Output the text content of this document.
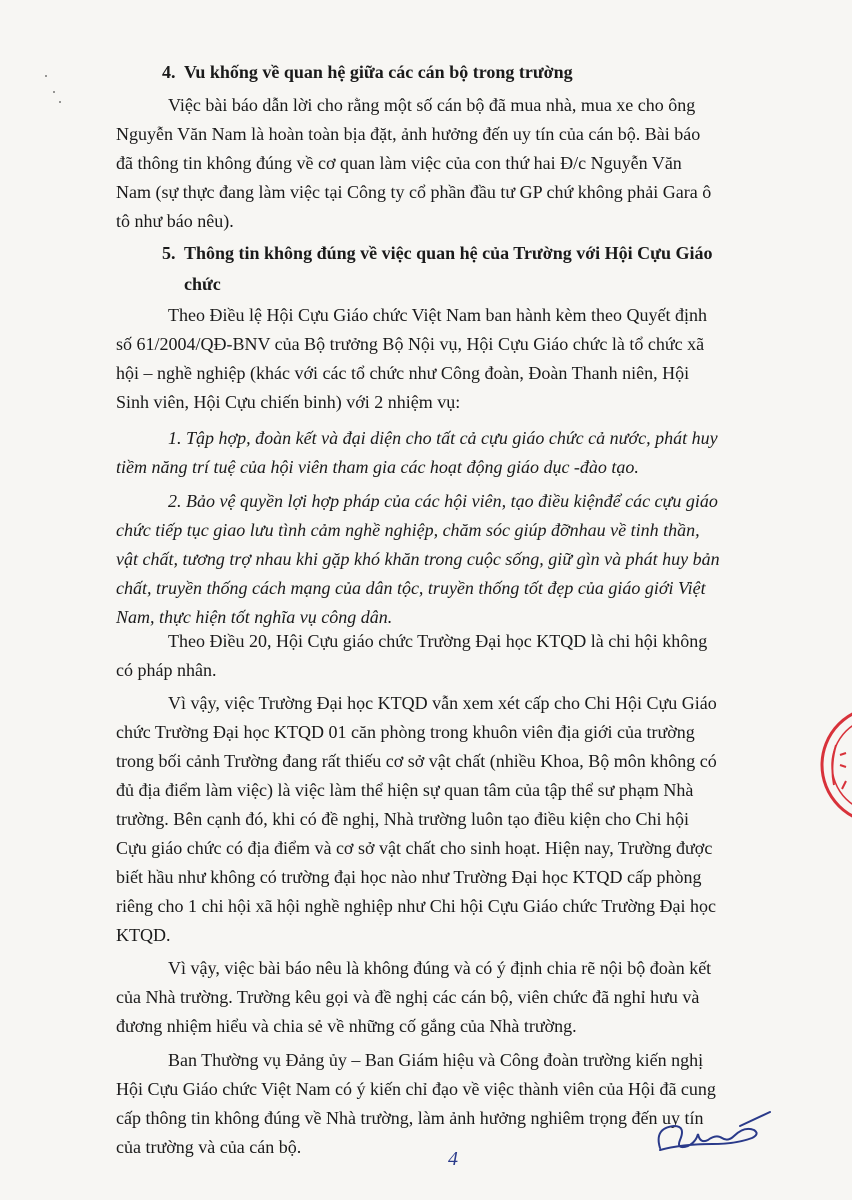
4. Vu khống về quan hệ giữa các cán bộ trong trường

Việc bài báo dẫn lời cho rằng một số cán bộ đã mua nhà, mua xe cho ông
Nguyễn Văn Nam là hoàn toàn bịa đặt, ảnh hưởng đến uy tín của cán bộ. Bài báo
đã thông tin không đúng về cơ quan làm việc của con thứ hai Đ/c Nguyễn Văn
Nam (sự thực đang làm việc tại Công ty cổ phần đầu tư GP chứ không phải Gara ô
tô như báo nêu).

5. Thông tin không đúng về việc quan hệ của Trường với Hội Cựu Giáo
chức

Theo Điều lệ Hội Cựu Giáo chức Việt Nam ban hành kèm theo Quyết định
số 61/2004/QĐ-BNV của Bộ trưởng Bộ Nội vụ, Hội Cựu Giáo chức là tổ chức xã
hội – nghề nghiệp (khác với các tổ chức như Công đoàn, Đoàn Thanh niên, Hội
Sinh viên, Hội Cựu chiến binh) với 2 nhiệm vụ:

1. Tập hợp, đoàn kết và đại diện cho tất cả cựu giáo chức cả nước, phát huy
tiềm năng trí tuệ của hội viên tham gia các hoạt động giáo dục -đào tạo.

2. Bảo vệ quyền lợi hợp pháp của các hội viên, tạo điều kiệnđể các cựu giáo
chức tiếp tục giao lưu tình cảm nghề nghiệp, chăm sóc giúp đỡnhau về tinh thần,
vật chất, tương trợ nhau khi gặp khó khăn trong cuộc sống, giữ gìn và phát huy bản
chất, truyền thống cách mạng của dân tộc, truyền thống tốt đẹp của giáo giới Việt
Nam, thực hiện tốt nghĩa vụ công dân.

Theo Điều 20, Hội Cựu giáo chức Trường Đại học KTQD là chi hội không
có pháp nhân.

Vì vậy, việc Trường Đại học KTQD vẫn xem xét cấp cho Chi Hội Cựu Giáo
chức Trường Đại học KTQD 01 căn phòng trong khuôn viên địa giới của trường
trong bối cảnh Trường đang rất thiếu cơ sở vật chất (nhiều Khoa, Bộ môn không có
đủ địa điểm làm việc) là việc làm thể hiện sự quan tâm của tập thể sư phạm Nhà
trường. Bên cạnh đó, khi có đề nghị, Nhà trường luôn tạo điều kiện cho Chi hội
Cựu giáo chức có địa điểm và cơ sở vật chất cho sinh hoạt. Hiện nay, Trường được
biết hầu như không có trường đại học nào như Trường Đại học KTQD cấp phòng
riêng cho 1 chi hội xã hội nghề nghiệp như Chi hội Cựu Giáo chức Trường Đại học
KTQD.

Vì vậy, việc bài báo nêu là không đúng và có ý định chia rẽ nội bộ đoàn kết
của Nhà trường. Trường kêu gọi và đề nghị các cán bộ, viên chức đã nghỉ hưu và
đương nhiệm hiểu và chia sẻ về những cố gắng của Nhà trường.

Ban Thường vụ Đảng ủy – Ban Giám hiệu và Công đoàn trường kiến nghị
Hội Cựu Giáo chức Việt Nam có ý kiến chỉ đạo về việc thành viên của Hội đã cung
cấp thông tin không đúng về Nhà trường, làm ảnh hưởng nghiêm trọng đến uy tín
của trường và của cán bộ.

4
